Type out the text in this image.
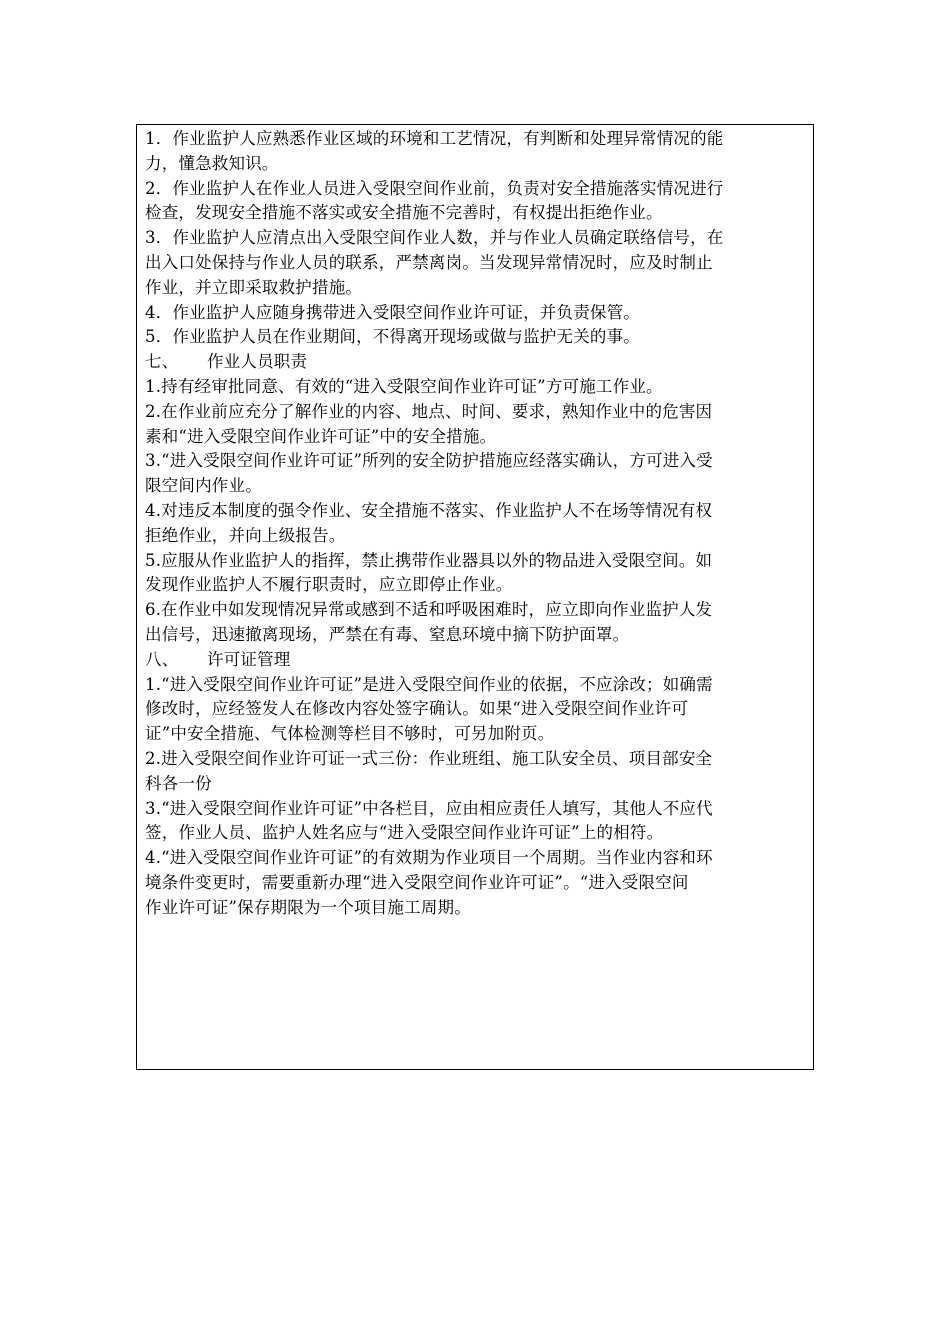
1．作业监护人应熟悉作业区域的环境和工艺情况，有判断和处理异常情况的能
力，懂急救知识。
2．作业监护人在作业人员进入受限空间作业前，负责对安全措施落实情况进行
检查，发现安全措施不落实或安全措施不完善时，有权提出拒绝作业。
3．作业监护人应清点出入受限空间作业人数，并与作业人员确定联络信号，在
出入口处保持与作业人员的联系，严禁离岗。当发现异常情况时，应及时制止
作业，并立即采取救护措施。
4．作业监护人应随身携带进入受限空间作业许可证，并负责保管。
5．作业监护人员在作业期间，不得离开现场或做与监护无关的事。
七、 作业人员职责
1.持有经审批同意、有效的“进入受限空间作业许可证”方可施工作业。
2.在作业前应充分了解作业的内容、地点、时间、要求，熟知作业中的危害因
素和“进入受限空间作业许可证”中的安全措施。
3.“进入受限空间作业许可证”所列的安全防护措施应经落实确认，方可进入受
限空间内作业。
4.对违反本制度的强令作业、安全措施不落实、作业监护人不在场等情况有权
拒绝作业，并向上级报告。
5.应服从作业监护人的指挥，禁止携带作业器具以外的物品进入受限空间。如
发现作业监护人不履行职责时，应立即停止作业。
6.在作业中如发现情况异常或感到不适和呼吸困难时，应立即向作业监护人发
出信号，迅速撤离现场，严禁在有毒、窒息环境中摘下防护面罩。
八、 许可证管理
1.“进入受限空间作业许可证”是进入受限空间作业的依据，不应涂改；如确需
修改时，应经签发人在修改内容处签字确认。如果“进入受限空间作业许可
证”中安全措施、气体检测等栏目不够时，可另加附页。
2.进入受限空间作业许可证一式三份：作业班组、施工队安全员、项目部安全
科各一份
3.“进入受限空间作业许可证”中各栏目，应由相应责任人填写，其他人不应代
签，作业人员、监护人姓名应与“进入受限空间作业许可证”上的相符。
4.“进入受限空间作业许可证”的有效期为作业项目一个周期。当作业内容和环
境条件变更时，需要重新办理“进入受限空间作业许可证”。“进入受限空间
作业许可证”保存期限为一个项目施工周期。
